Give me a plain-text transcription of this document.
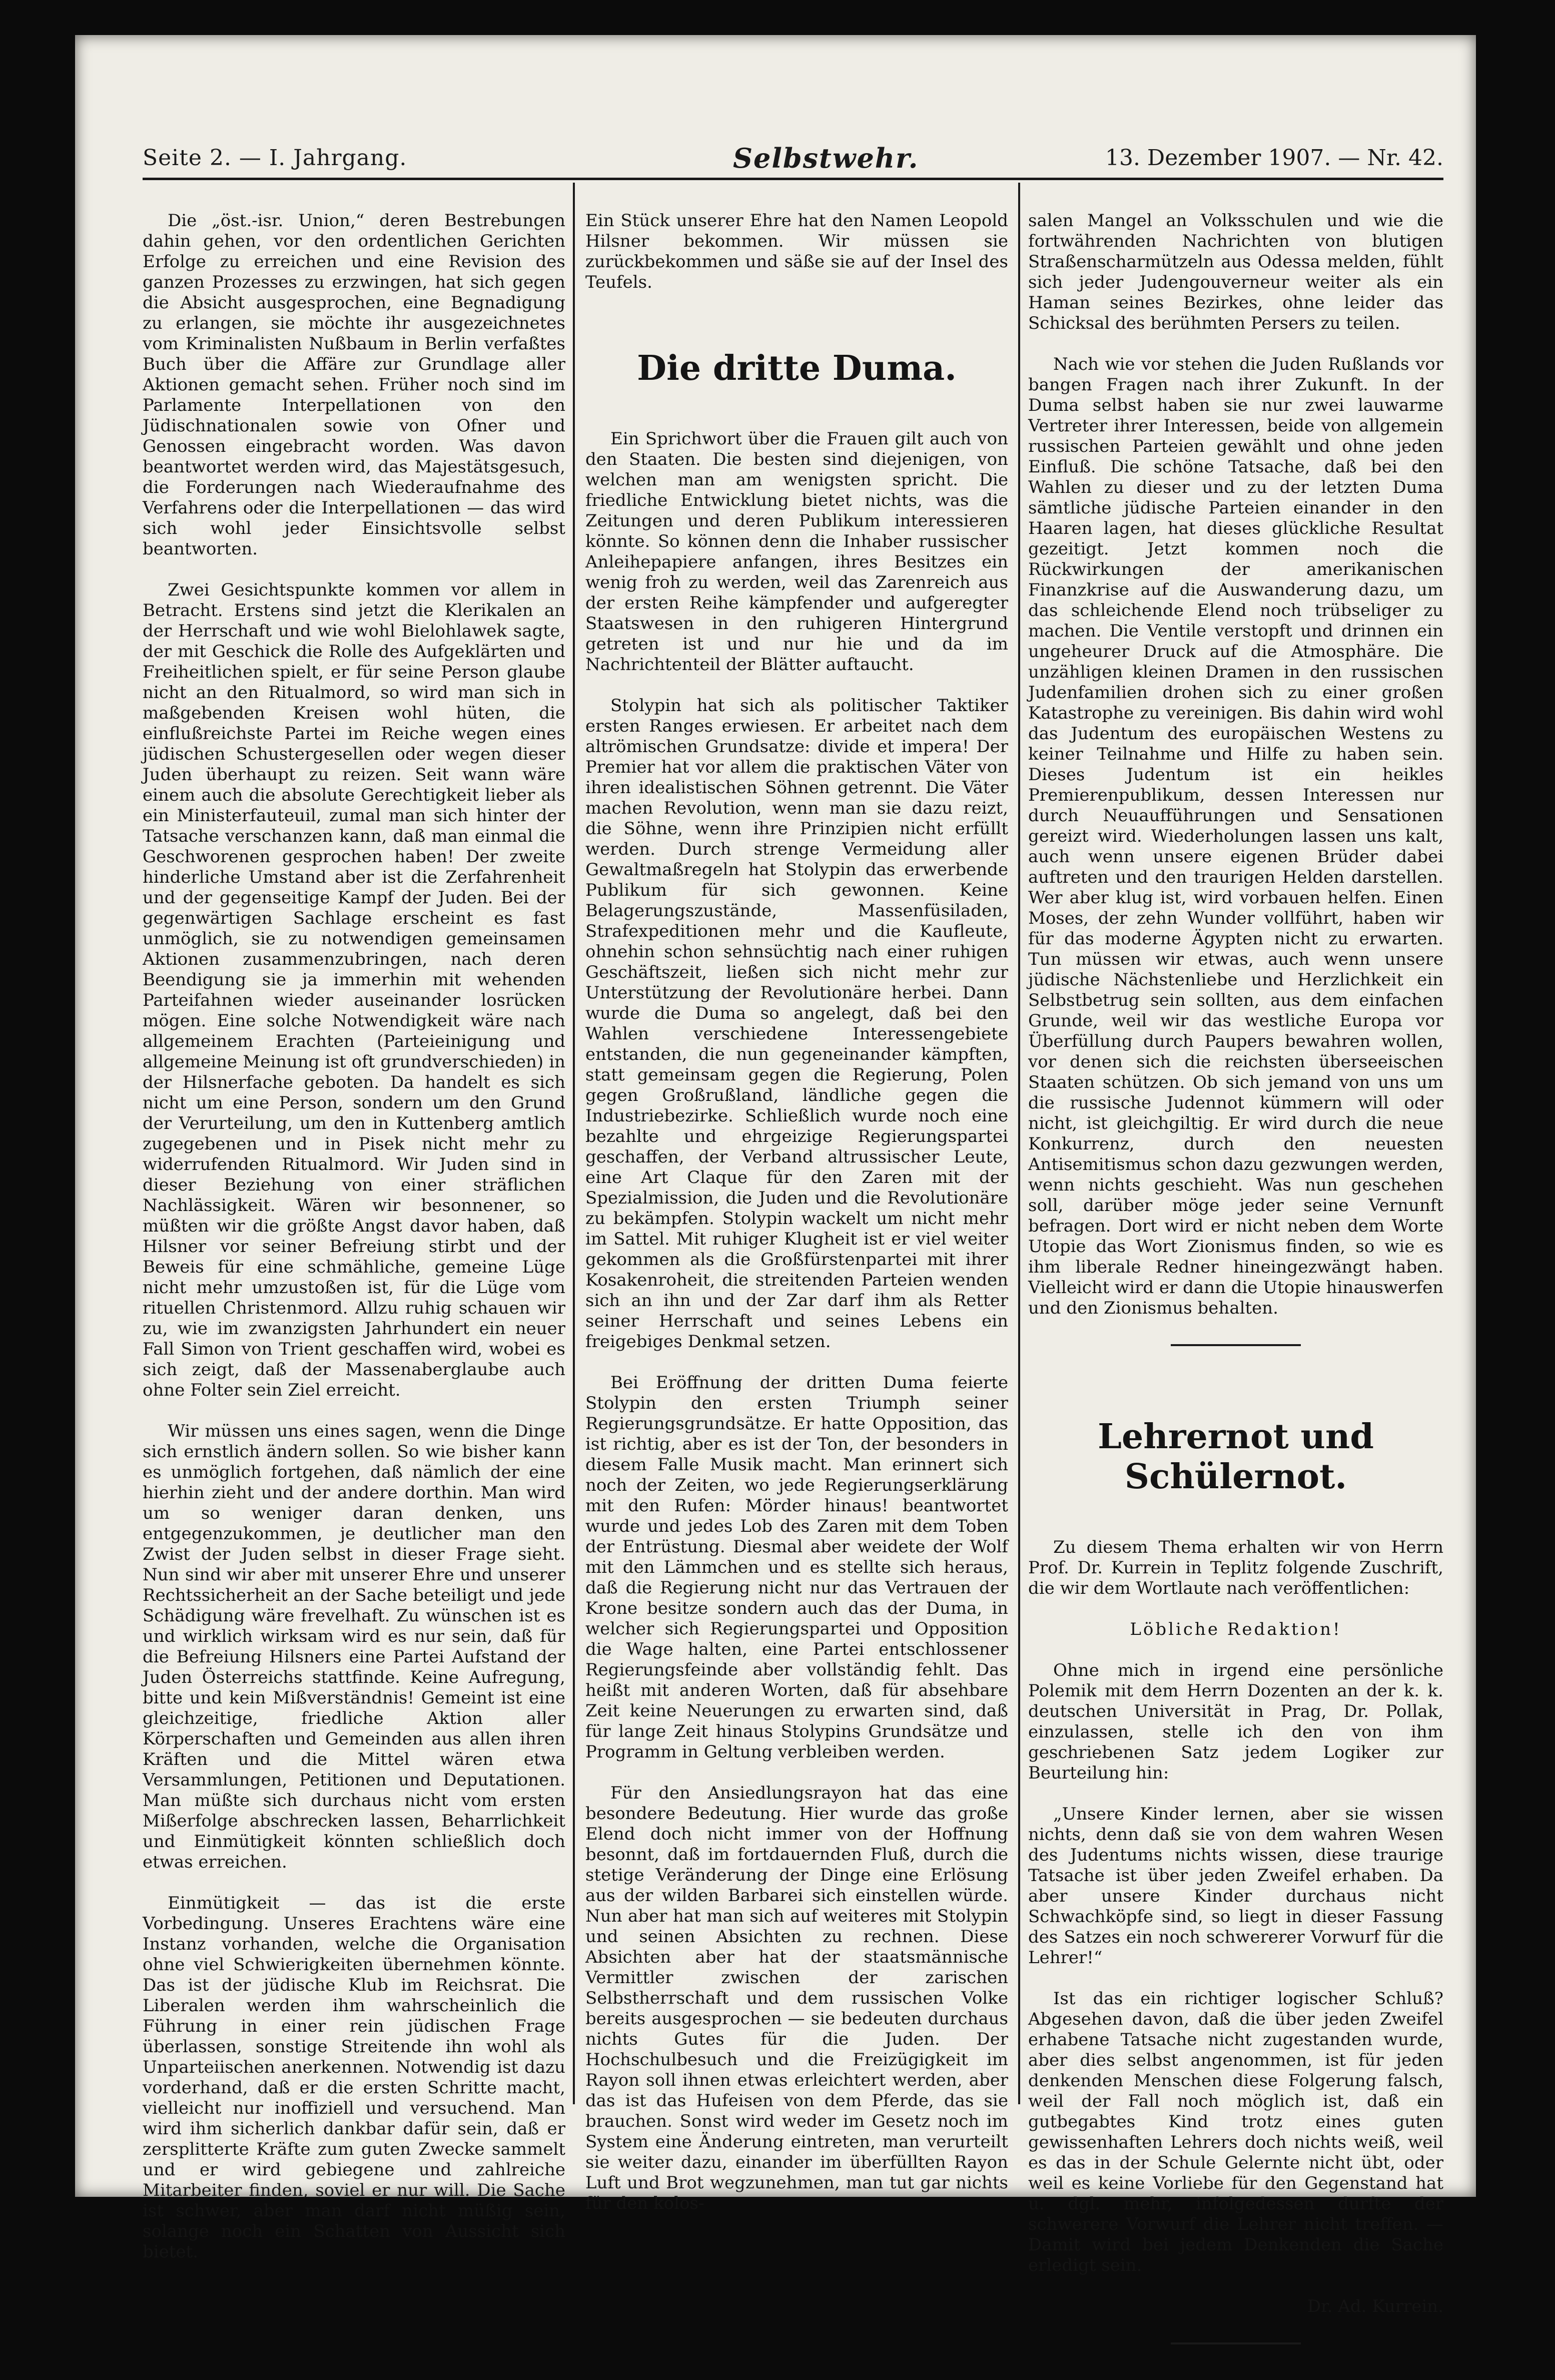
Seite 2. — I. Jahrgang.	Selbstwehr.	13. Dezember 1907. — Nr. 42.

Die „öst.-isr. Union,“ deren Bestrebungen dahin gehen, vor den ordentlichen Gerichten Erfolge zu erreichen und eine Revision des ganzen Prozesses zu erzwingen, hat sich gegen die Absicht ausgesprochen, eine Begnadigung zu erlangen, sie möchte ihr ausgezeichnetes vom Kriminalisten Nußbaum in Berlin verfaßtes Buch über die Affäre zur Grundlage aller Aktionen gemacht sehen. Früher noch sind im Parlamente Interpellationen von den Jüdischnationalen sowie von Ofner und Genossen eingebracht worden. Was davon beantwortet werden wird, das Majestätsgesuch, die Forderungen nach Wiederaufnahme des Verfahrens oder die Interpellationen — das wird sich wohl jeder Einsichtsvolle selbst beantworten.

Zwei Gesichtspunkte kommen vor allem in Betracht. Erstens sind jetzt die Klerikalen an der Herrschaft und wie wohl Bielohlawek sagte, der mit Geschick die Rolle des Aufgeklärten und Freiheitlichen spielt, er für seine Person glaube nicht an den Ritualmord, so wird man sich in maßgebenden Kreisen wohl hüten, die einflußreichste Partei im Reiche wegen eines jüdischen Schustergesellen oder wegen dieser Juden überhaupt zu reizen. Seit wann wäre einem auch die absolute Gerechtigkeit lieber als ein Ministerfauteuil, zumal man sich hinter der Tatsache verschanzen kann, daß man einmal die Geschworenen gesprochen haben! Der zweite hinderliche Umstand aber ist die Zerfahrenheit und der gegenseitige Kampf der Juden. Bei der gegenwärtigen Sachlage erscheint es fast unmöglich, sie zu notwendigen gemeinsamen Aktionen zusammenzubringen, nach deren Beendigung sie ja immerhin mit wehenden Parteifahnen wieder auseinander losrücken mögen. Eine solche Notwendigkeit wäre nach allgemeinem Erachten (Parteieinigung und allgemeine Meinung ist oft grundverschieden) in der Hilsnerfache geboten. Da handelt es sich nicht um eine Person, sondern um den Grund der Verurteilung, um den in Kuttenberg amtlich zugegebenen und in Pisek nicht mehr zu widerrufenden Ritualmord. Wir Juden sind in dieser Beziehung von einer sträflichen Nachlässigkeit. Wären wir besonnener, so müßten wir die größte Angst davor haben, daß Hilsner vor seiner Befreiung stirbt und der Beweis für eine schmähliche, gemeine Lüge nicht mehr umzustoßen ist, für die Lüge vom rituellen Christenmord. Allzu ruhig schauen wir zu, wie im zwanzigsten Jahrhundert ein neuer Fall Simon von Trient geschaffen wird, wobei es sich zeigt, daß der Massenaberglaube auch ohne Folter sein Ziel erreicht.

Wir müssen uns eines sagen, wenn die Dinge sich ernstlich ändern sollen. So wie bisher kann es unmöglich fortgehen, daß nämlich der eine hierhin zieht und der andere dorthin. Man wird um so weniger daran denken, uns entgegenzukommen, je deutlicher man den Zwist der Juden selbst in dieser Frage sieht. Nun sind wir aber mit unserer Ehre und unserer Rechtssicherheit an der Sache beteiligt und jede Schädigung wäre frevelhaft. Zu wünschen ist es und wirklich wirksam wird es nur sein, daß für die Befreiung Hilsners eine Partei Aufstand der Juden Österreichs stattfinde. Keine Aufregung, bitte und kein Mißverständnis! Gemeint ist eine gleichzeitige, friedliche Aktion aller Körperschaften und Gemeinden aus allen ihren Kräften und die Mittel wären etwa Versammlungen, Petitionen und Deputationen. Man müßte sich durchaus nicht vom ersten Mißerfolge abschrecken lassen, Beharrlichkeit und Einmütigkeit könnten schließlich doch etwas erreichen.

Einmütigkeit — das ist die erste Vorbedingung. Unseres Erachtens wäre eine Instanz vorhanden, welche die Organisation ohne viel Schwierigkeiten übernehmen könnte. Das ist der jüdische Klub im Reichsrat. Die Liberalen werden ihm wahrscheinlich die Führung in einer rein jüdischen Frage überlassen, sonstige Streitende ihn wohl als Unparteiischen anerkennen. Notwendig ist dazu vorderhand, daß er die ersten Schritte macht, vielleicht nur inoffiziell und versuchend. Man wird ihm sicherlich dankbar dafür sein, daß er zersplitterte Kräfte zum guten Zwecke sammelt und er wird gebiegene und zahlreiche Mitarbeiter finden, soviel er nur will. Die Sache ist schwer, aber man darf nicht müßig sein, solange noch ein Schatten von Aussicht sich bietet.

Ein Stück unserer Ehre hat den Namen Leopold Hilsner bekommen. Wir müssen sie zurückbekommen und säße sie auf der Insel des Teufels.

Die dritte Duma.

Ein Sprichwort über die Frauen gilt auch von den Staaten. Die besten sind diejenigen, von welchen man am wenigsten spricht. Die friedliche Entwicklung bietet nichts, was die Zeitungen und deren Publikum interessieren könnte. So können denn die Inhaber russischer Anleihepapiere anfangen, ihres Besitzes ein wenig froh zu werden, weil das Zarenreich aus der ersten Reihe kämpfender und aufgeregter Staatswesen in den ruhigeren Hintergrund getreten ist und nur hie und da im Nachrichtenteil der Blätter auftaucht.

Stolypin hat sich als politischer Taktiker ersten Ranges erwiesen. Er arbeitet nach dem altrömischen Grundsatze: divide et impera! Der Premier hat vor allem die praktischen Väter von ihren idealistischen Söhnen getrennt. Die Väter machen Revolution, wenn man sie dazu reizt, die Söhne, wenn ihre Prinzipien nicht erfüllt werden. Durch strenge Vermeidung aller Gewaltmaßregeln hat Stolypin das erwerbende Publikum für sich gewonnen. Keine Belagerungszustände, Massenfüsiladen, Strafexpeditionen mehr und die Kaufleute, ohnehin schon sehnsüchtig nach einer ruhigen Geschäftszeit, ließen sich nicht mehr zur Unterstützung der Revolutionäre herbei. Dann wurde die Duma so angelegt, daß bei den Wahlen verschiedene Interessengebiete entstanden, die nun gegeneinander kämpften, statt gemeinsam gegen die Regierung, Polen gegen Großrußland, ländliche gegen die Industriebezirke. Schließlich wurde noch eine bezahlte und ehrgeizige Regierungspartei geschaffen, der Verband altrussischer Leute, eine Art Claque für den Zaren mit der Spezialmission, die Juden und die Revolutionäre zu bekämpfen. Stolypin wackelt um nicht mehr im Sattel. Mit ruhiger Klugheit ist er viel weiter gekommen als die Großfürstenpartei mit ihrer Kosakenroheit, die streitenden Parteien wenden sich an ihn und der Zar darf ihm als Retter seiner Herrschaft und seines Lebens ein freigebiges Denkmal setzen.

Bei Eröffnung der dritten Duma feierte Stolypin den ersten Triumph seiner Regierungsgrundsätze. Er hatte Opposition, das ist richtig, aber es ist der Ton, der besonders in diesem Falle Musik macht. Man erinnert sich noch der Zeiten, wo jede Regierungserklärung mit den Rufen: Mörder hinaus! beantwortet wurde und jedes Lob des Zaren mit dem Toben der Entrüstung. Diesmal aber weidete der Wolf mit den Lämmchen und es stellte sich heraus, daß die Regierung nicht nur das Vertrauen der Krone besitze sondern auch das der Duma, in welcher sich Regierungspartei und Opposition die Wage halten, eine Partei entschlossener Regierungsfeinde aber vollständig fehlt. Das heißt mit anderen Worten, daß für absehbare Zeit keine Neuerungen zu erwarten sind, daß für lange Zeit hinaus Stolypins Grundsätze und Programm in Geltung verbleiben werden.

Für den Ansiedlungsrayon hat das eine besondere Bedeutung. Hier wurde das große Elend doch nicht immer von der Hoffnung besonnt, daß im fortdauernden Fluß, durch die stetige Veränderung der Dinge eine Erlösung aus der wilden Barbarei sich einstellen würde. Nun aber hat man sich auf weiteres mit Stolypin und seinen Absichten zu rechnen. Diese Absichten aber hat der staatsmännische Vermittler zwischen der zarischen Selbstherrschaft und dem russischen Volke bereits ausgesprochen — sie bedeuten durchaus nichts Gutes für die Juden. Der Hochschulbesuch und die Freizügigkeit im Rayon soll ihnen etwas erleichtert werden, aber das ist das Hufeisen von dem Pferde, das sie brauchen. Sonst wird weder im Gesetz noch im System eine Änderung eintreten, man verurteilt sie weiter dazu, einander im überfüllten Rayon Luft und Brot wegzunehmen, man tut gar nichts für den kolos-

salen Mangel an Volksschulen und wie die fortwährenden Nachrichten von blutigen Straßenscharmützeln aus Odessa melden, fühlt sich jeder Judengouverneur weiter als ein Haman seines Bezirkes, ohne leider das Schicksal des berühmten Persers zu teilen.

Nach wie vor stehen die Juden Rußlands vor bangen Fragen nach ihrer Zukunft. In der Duma selbst haben sie nur zwei lauwarme Vertreter ihrer Interessen, beide von allgemein russischen Parteien gewählt und ohne jeden Einfluß. Die schöne Tatsache, daß bei den Wahlen zu dieser und zu der letzten Duma sämtliche jüdische Parteien einander in den Haaren lagen, hat dieses glückliche Resultat gezeitigt. Jetzt kommen noch die Rückwirkungen der amerikanischen Finanzkrise auf die Auswanderung dazu, um das schleichende Elend noch trübseliger zu machen. Die Ventile verstopft und drinnen ein ungeheurer Druck auf die Atmosphäre. Die unzähligen kleinen Dramen in den russischen Judenfamilien drohen sich zu einer großen Katastrophe zu vereinigen. Bis dahin wird wohl das Judentum des europäischen Westens zu keiner Teilnahme und Hilfe zu haben sein. Dieses Judentum ist ein heikles Premierenpublikum, dessen Interessen nur durch Neuaufführungen und Sensationen gereizt wird. Wiederholungen lassen uns kalt, auch wenn unsere eigenen Brüder dabei auftreten und den traurigen Helden darstellen. Wer aber klug ist, wird vorbauen helfen. Einen Moses, der zehn Wunder vollführt, haben wir für das moderne Ägypten nicht zu erwarten. Tun müssen wir etwas, auch wenn unsere jüdische Nächstenliebe und Herzlichkeit ein Selbstbetrug sein sollten, aus dem einfachen Grunde, weil wir das westliche Europa vor Überfüllung durch Paupers bewahren wollen, vor denen sich die reichsten überseeischen Staaten schützen. Ob sich jemand von uns um die russische Judennot kümmern will oder nicht, ist gleichgiltig. Er wird durch die neue Konkurrenz, durch den neuesten Antisemitismus schon dazu gezwungen werden, wenn nichts geschieht. Was nun geschehen soll, darüber möge jeder seine Vernunft befragen. Dort wird er nicht neben dem Worte Utopie das Wort Zionismus finden, so wie es ihm liberale Redner hineingezwängt haben. Vielleicht wird er dann die Utopie hinauswerfen und den Zionismus behalten.

Lehrernot und Schülernot.

Zu diesem Thema erhalten wir von Herrn Prof. Dr. Kurrein in Teplitz folgende Zuschrift, die wir dem Wortlaute nach veröffentlichen:

Löbliche Redaktion!

Ohne mich in irgend eine persönliche Polemik mit dem Herrn Dozenten an der k. k. deutschen Universität in Prag, Dr. Pollak, einzulassen, stelle ich den von ihm geschriebenen Satz jedem Logiker zur Beurteilung hin:

„Unsere Kinder lernen, aber sie wissen nichts, denn daß sie von dem wahren Wesen des Judentums nichts wissen, diese traurige Tatsache ist über jeden Zweifel erhaben. Da aber unsere Kinder durchaus nicht Schwachköpfe sind, so liegt in dieser Fassung des Satzes ein noch schwererer Vorwurf für die Lehrer!“

Ist das ein richtiger logischer Schluß? Abgesehen davon, daß die über jeden Zweifel erhabene Tatsache nicht zugestanden wurde, aber dies selbst angenommen, ist für jeden denkenden Menschen diese Folgerung falsch, weil der Fall noch möglich ist, daß ein gutbegabtes Kind trotz eines guten gewissenhaften Lehrers doch nichts weiß, weil es das in der Schule Gelernte nicht übt, oder weil es keine Vorliebe für den Gegenstand hat u. dgl. mehr, infolgedessen durfte der schwerere Vorwurf die Lehrer nicht treffen. — Damit wird bei jedem Denkenden die Sache erledigt sein.

Dr. Ad. Kurrein.
